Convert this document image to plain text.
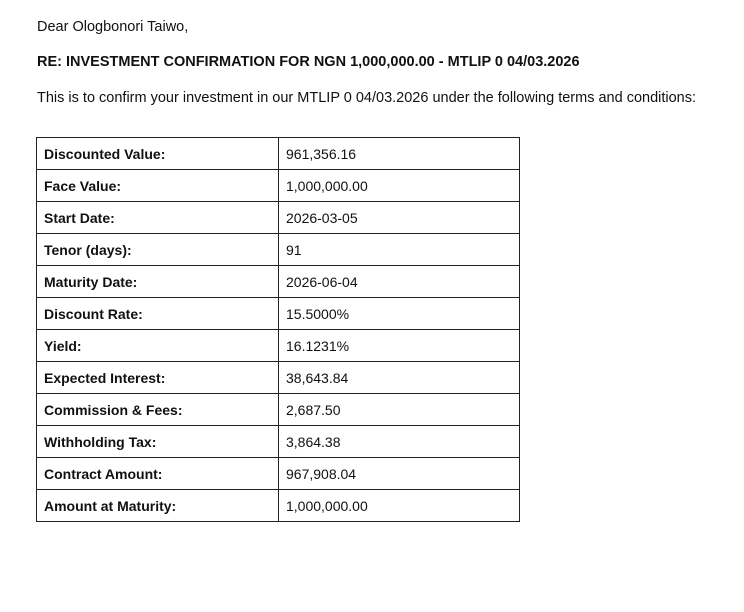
Dear Ologbonori Taiwo,
RE: INVESTMENT CONFIRMATION FOR NGN 1,000,000.00 - MTLIP 0 04/03.2026
This is to confirm your investment in our MTLIP 0 04/03.2026 under the following terms and conditions:
Discounted Value:	961,356.16
Face Value:	1,000,000.00
Start Date:	2026-03-05
Tenor (days):	91
Maturity Date:	2026-06-04
Discount Rate:	15.5000%
Yield:	16.1231%
Expected Interest:	38,643.84
Commission & Fees:	2,687.50
Withholding Tax:	3,864.38
Contract Amount:	967,908.04
Amount at Maturity:	1,000,000.00
